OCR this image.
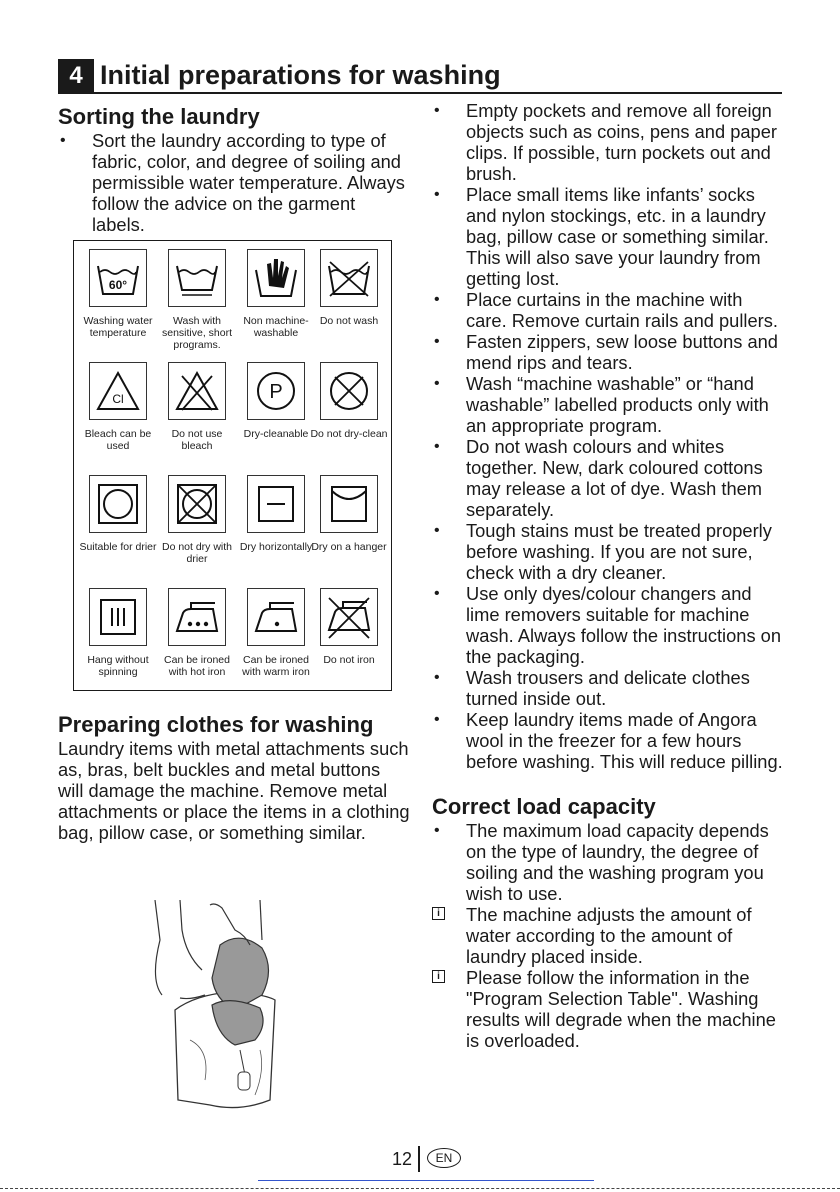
4 Initial preparations for washing
Sorting the laundry
• Sort the laundry according to type of fabric, color, and degree of soiling and permissible water temperature. Always follow the advice on the garment labels.
60°
Washing water temperature
Wash with sensitive, short programs.
Non machine-washable
Do not wash
Cl
Bleach can be used
Do not use bleach
P
Dry-cleanable Do not dry-clean
Suitable for drier Do not dry with drier
Dry horizontally Dry on a hanger
Hang without spinning
Can be ironed with hot iron
Can be ironed with warm iron
Do not iron
Preparing clothes for washing

Laundry items with metal attachments such as, bras, belt buckles and metal buttons will damage the machine. Remove metal attachments or place the items in a clothing bag, pillow case, or something similar.

• Empty pockets and remove all foreign objects such as coins, pens and paper clips. If possible, turn pockets out and brush.
• Place small items like infants’ socks and nylon stockings, etc. in a laundry bag, pillow case or something similar. This will also save your laundry from getting lost.
• Place curtains in the machine with care. Remove curtain rails and pullers.
• Fasten zippers, sew loose buttons and mend rips and tears.
• Wash “machine washable” or “hand washable” labelled products only with an appropriate program.
• Do not wash colours and whites together. New, dark coloured cottons may release a lot of dye. Wash them separately.
• Tough stains must be treated properly before washing. If you are not sure, check with a dry cleaner.
• Use only dyes/colour changers and lime removers suitable for machine wash. Always follow the instructions on the packaging.
• Wash trousers and delicate clothes turned inside out.
• Keep laundry items made of Angora wool in the freezer for a few hours before washing. This will reduce pilling.
Correct load capacity
• The maximum load capacity depends on the type of laundry, the degree of soiling and the washing program you wish to use.
i The machine adjusts the amount of water according to the amount of laundry placed inside.
i Please follow the information in the "Program Selection Table". Washing results will degrade when the machine is overloaded.
12	EN
